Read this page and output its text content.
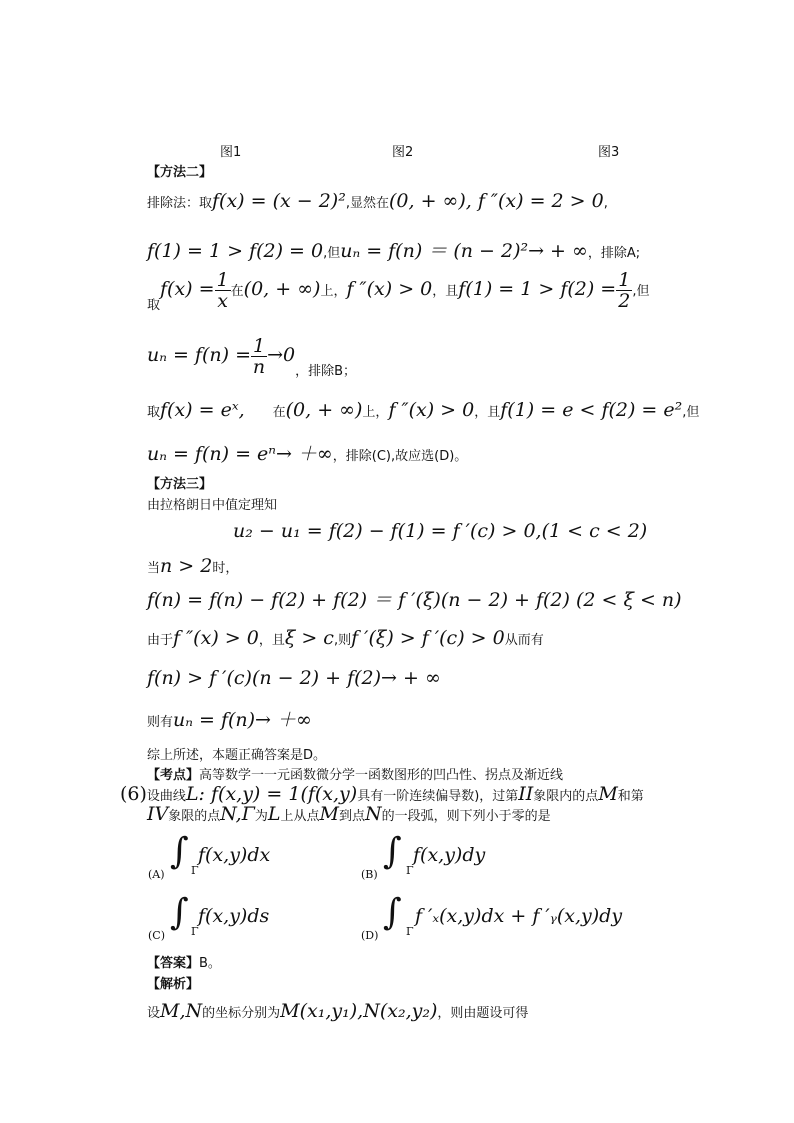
图1	图2	图3
【方法二】
排除法：取f(x) = (x − 2)²,显然在(0, + ∞), f ″(x) = 2 > 0,
f(1) = 1 > f(2) = 0,但uₙ = f(n) ＝ (n − 2)²→ + ∞，排除A;
$_取f(x) = \frac{1}{x}$ 在(0, + ∞)上，f ″(x) > 0，且$f(1) = 1 > f(2) = \frac{1}{2}$ ,但
$u_n = f(n) = \frac{1}{n} \to 0_{,排除B;}$
取f(x) = eˣ, 在(0, + ∞)上，f ″(x) > 0，且f(1) = e < f(2) = e²,但
uₙ = f(n) = eⁿ→ ＋∞，排除(C),故应选(D)。
【方法三】
由拉格朗日中值定理知
u₂ − u₁ = f(2) − f(1) = f ′(c) > 0,(1 < c < 2)
当n > 2时，
f(n) = f(n) − f(2) + f(2) ＝ f ′(ξ)(n − 2) + f(2) (2 < ξ < n)
由于f ″(x) > 0，且ξ > c,则f ′(ξ) > f ′(c) > 0从而有
f(n) > f ′(c)(n − 2) + f(2)→ + ∞
则有uₙ = f(n)→ ＋∞
综上所述，本题正确答案是D。
【考点】高等数学一一元函数微分学一函数图形的凹凸性、拐点及渐近线
(6)设曲线L: f(x,y) = 1(f(x,y)具有一阶连续偏导数)，过第II象限内的点M和第
IV象限的点N,Γ为L上从点M到点N的一段弧，则下列小于零的是
(A)
∫ Γ
f(x,y)dx
(B)
∫ Γ
f(x,y)dy
(C)
∫ Γ
f(x,y)ds
(D)
∫ Γ
f ′ₓ(x,y)dx + f ′ᵧ(x,y)dy
【答案】B。
【解析】
设M,N的坐标分别为M(x₁,y₁),N(x₂,y₂)，则由题设可得
